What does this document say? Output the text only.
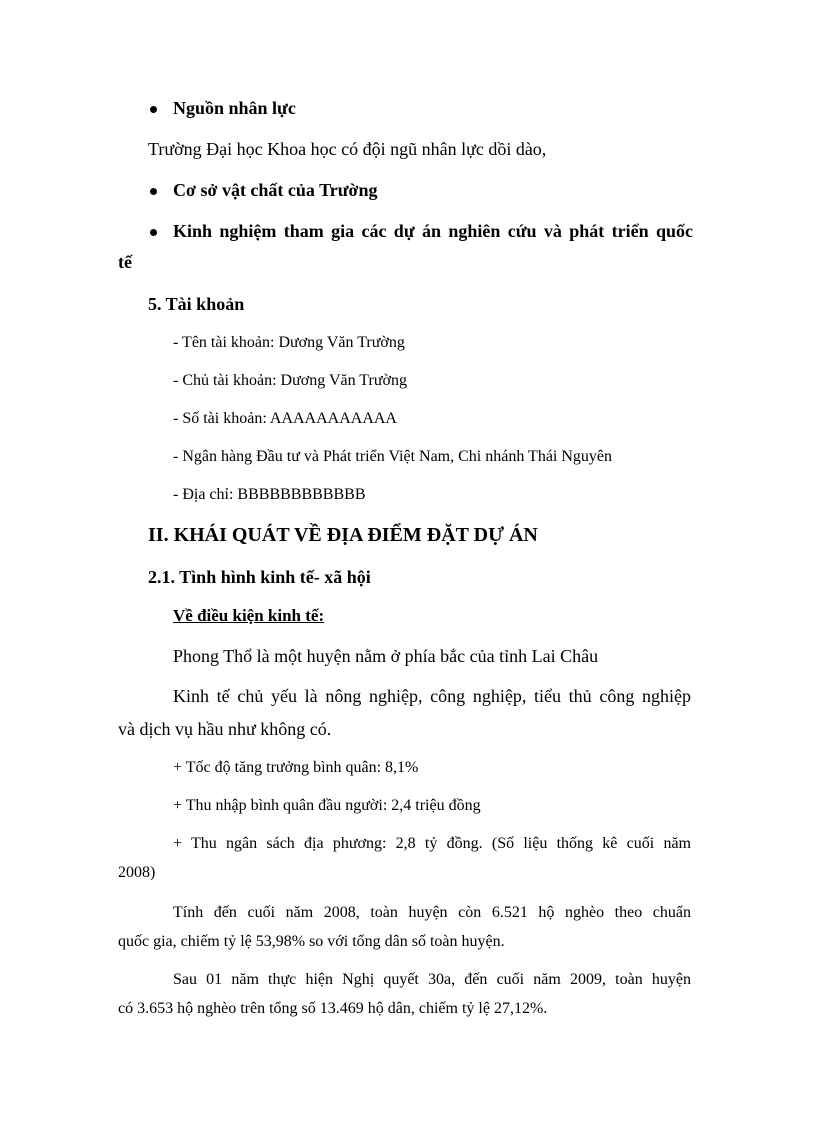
Nguồn nhân lực
Trường Đại học Khoa học có đội ngũ nhân lực dồi dào,
Cơ sở vật chất của Trường
Kinh nghiệm tham gia các dự án nghiên cứu và phát triển quốc
tế
5. Tài khoản
- Tên tài khoản: Dương Văn Trường
- Chủ tài khoản: Dương Văn Trường
- Số tài khoản: AAAAAAAAAAA
- Ngân hàng Đầu tư và Phát triển Việt Nam, Chi nhánh Thái Nguyên
- Địa chỉ: BBBBBBBBBBBB
II. KHÁI QUÁT VỀ ĐỊA ĐIỂM ĐẶT DỰ ÁN
2.1. Tình hình kinh tế- xã hội
Về điều kiện kinh tế:
Phong Thổ là một huyện nằm ở phía bắc của tỉnh Lai Châu
Kinh tế chủ yếu là nông nghiệp, công nghiệp, tiểu thủ công nghiệp
và dịch vụ hầu như không có.
+ Tốc độ tăng trưởng bình quân: 8,1%
+ Thu nhập bình quân đầu người: 2,4 triệu đồng
+ Thu ngân sách địa phương: 2,8 tỷ đồng. (Số liệu thống kê cuối năm
2008)
Tính đến cuối năm 2008, toàn huyện còn 6.521 hộ nghèo theo chuẩn
quốc gia, chiếm tỷ lệ 53,98% so với tổng dân số toàn huyện.
Sau 01 năm thực hiện Nghị quyết 30a, đến cuối năm 2009, toàn huyện
có 3.653 hộ nghèo trên tổng số 13.469 hộ dân, chiếm tỷ lệ 27,12%.
